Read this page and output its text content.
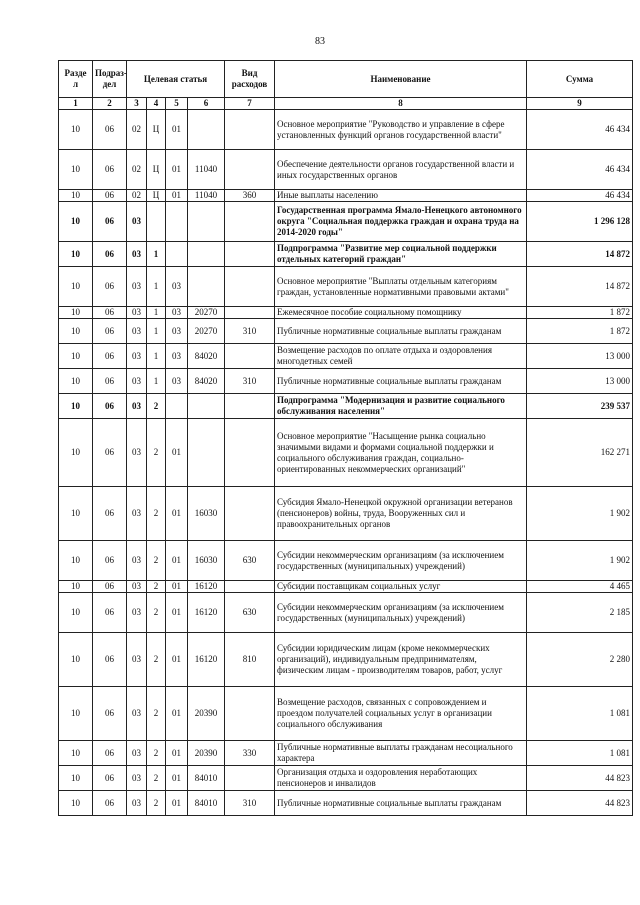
83
Разде л	Подраз- дел	Целевая статья				Вид расходов	Наименование	Сумма
1	2	3	4	5	6	7	8	9
10	06	02	Ц	01			Основное мероприятие "Руководство и управление в сфере установленных функций органов государственной власти"	46 434
10	06	02	Ц	01	11040		Обеспечение деятельности органов государственной власти и иных государственных органов	46 434
10	06	02	Ц	01	11040	360	Иные выплаты населению	46 434
10	06	03					Государственная программа Ямало-Ненецкого автономного округа "Социальная поддержка граждан и охрана труда на 2014-2020 годы"	1 296 128
10	06	03	1				Подпрограмма "Развитие мер социальной поддержки отдельных категорий граждан"	14 872
10	06	03	1	03			Основное мероприятие "Выплаты отдельным категориям граждан, установленные нормативными правовыми актами"	14 872
10	06	03	1	03	20270		Ежемесячное пособие социальному помощнику	1 872
10	06	03	1	03	20270	310	Публичные нормативные социальные выплаты гражданам	1 872
10	06	03	1	03	84020		Возмещение расходов по оплате отдыха и оздоровления многодетных семей	13 000
10	06	03	1	03	84020	310	Публичные нормативные социальные выплаты гражданам	13 000
10	06	03	2				Подпрограмма "Модернизация и развитие социального обслуживания населения"	239 537
10	06	03	2	01			Основное мероприятие "Насыщение рынка социально значимыми видами и формами социальной поддержки и социального обслуживания граждан, социально-ориентированных некоммерческих организаций"	162 271
10	06	03	2	01	16030		Субсидия Ямало-Ненецкой окружной организации ветеранов (пенсионеров) войны, труда, Вооруженных сил и правоохранительных органов	1 902
10	06	03	2	01	16030	630	Субсидии некоммерческим организациям (за исключением государственных (муниципальных) учреждений)	1 902
10	06	03	2	01	16120		Субсидии поставщикам социальных услуг	4 465
10	06	03	2	01	16120	630	Субсидии некоммерческим организациям (за исключением государственных (муниципальных) учреждений)	2 185
10	06	03	2	01	16120	810	Субсидии юридическим лицам (кроме некоммерческих организаций), индивидуальным предпринимателям, физическим лицам - производителям товаров, работ, услуг	2 280
10	06	03	2	01	20390		Возмещение расходов, связанных с сопровождением и проездом получателей социальных услуг в организации социального обслуживания	1 081
10	06	03	2	01	20390	330	Публичные нормативные выплаты гражданам несоциального характера	1 081
10	06	03	2	01	84010		Организация отдыха и оздоровления неработающих пенсионеров и инвалидов	44 823
10	06	03	2	01	84010	310	Публичные нормативные социальные выплаты гражданам	44 823
